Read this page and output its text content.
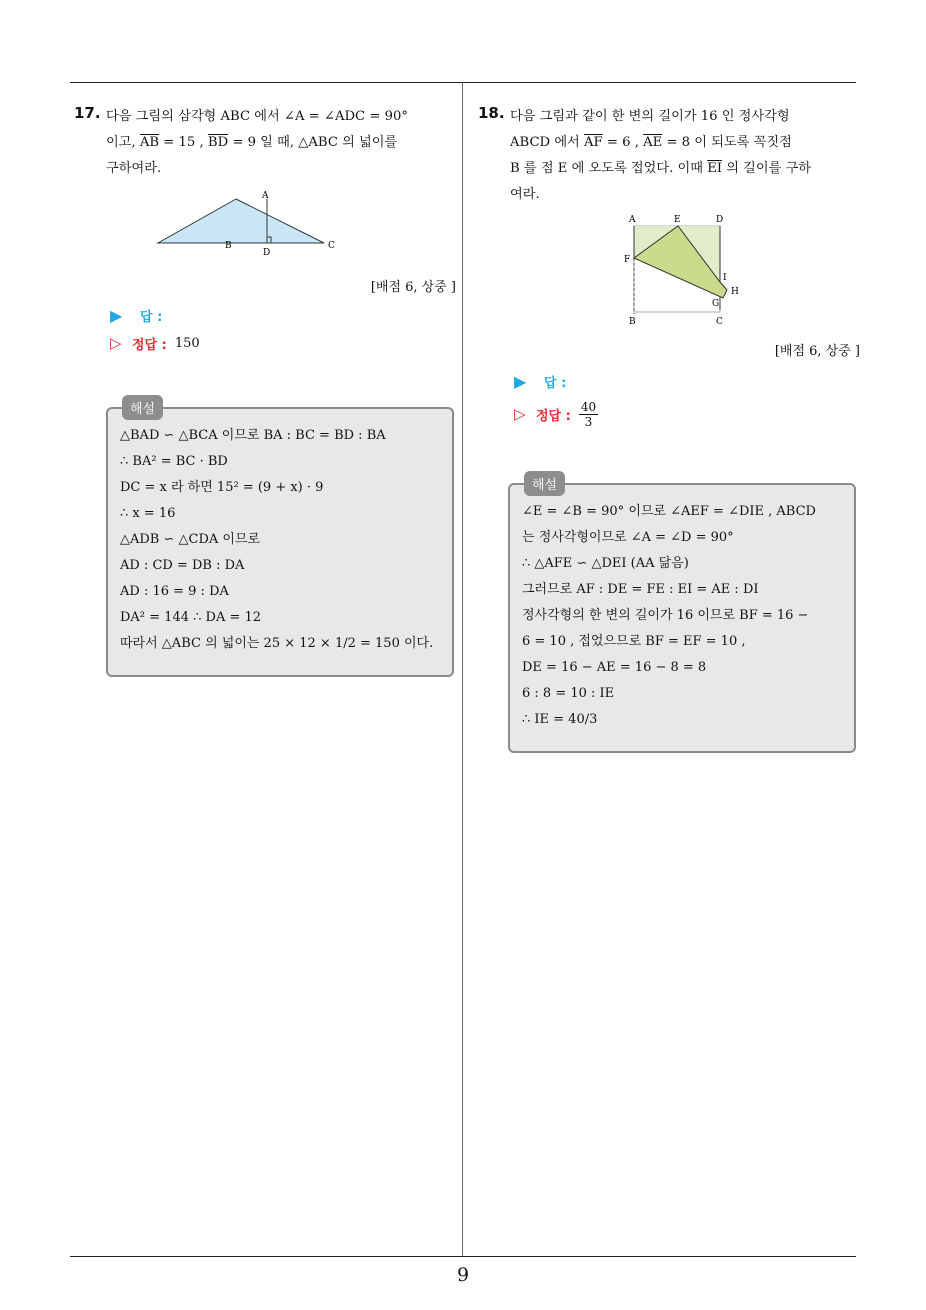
9
17. 다음 그림의 삼각형 ABC 에서 ∠A = ∠ADC = 90°
이고, $\overline{AB} = 15$ , $\overline{BD} = 9$ 일 때, △ABC 의 넓이를
구하여라.
A
B	C
D
[배점 6, 상중 ]
▶	답 :
▷ 정답 : 150
해설
△BAD ∽ △BCA 이므로 BA : BC = BD : BA
∴ BA² = BC · BD
DC = x 라 하면 15² = (9 + x) · 9
∴ x = 16
△ADB ∽ △CDA 이므로
AD : CD = DB : DA
AD : 16 = 9 : DA
DA² = 144 ∴ DA = 12
따라서 △ABC 의 넓이는 25 × 12 × 1/2 = 150 이다.
18. 다음 그림과 같이 한 변의 길이가 16 인 정사각형
ABCD 에서 $\overline{AF} = 6$ , $\overline{AE} = 8$ 이 되도록 꼭짓점
B 를 점 E 에 오도록 접었다. 이때 $\overline{EI}$ 의 길이를 구하
여라.
A	E	D
F
I
H
G
B	C
[배점 6, 상중 ]
▶	답 :
▷ 정답 : $\frac{40}{3}$
해설
∠E = ∠B = 90° 이므로 ∠AEF = ∠DIE , ABCD
는 정사각형이므로 ∠A = ∠D = 90°
∴ △AFE ∽ △DEI (AA 닮음)
그러므로 AF : DE = FE : EI = AE : DI
정사각형의 한 변의 길이가 16 이므로 BF = 16 −
6 = 10 , 접었으므로 BF = EF = 10 ,
DE = 16 − AE = 16 − 8 = 8
6 : 8 = 10 : IE
∴ IE = 40/3
